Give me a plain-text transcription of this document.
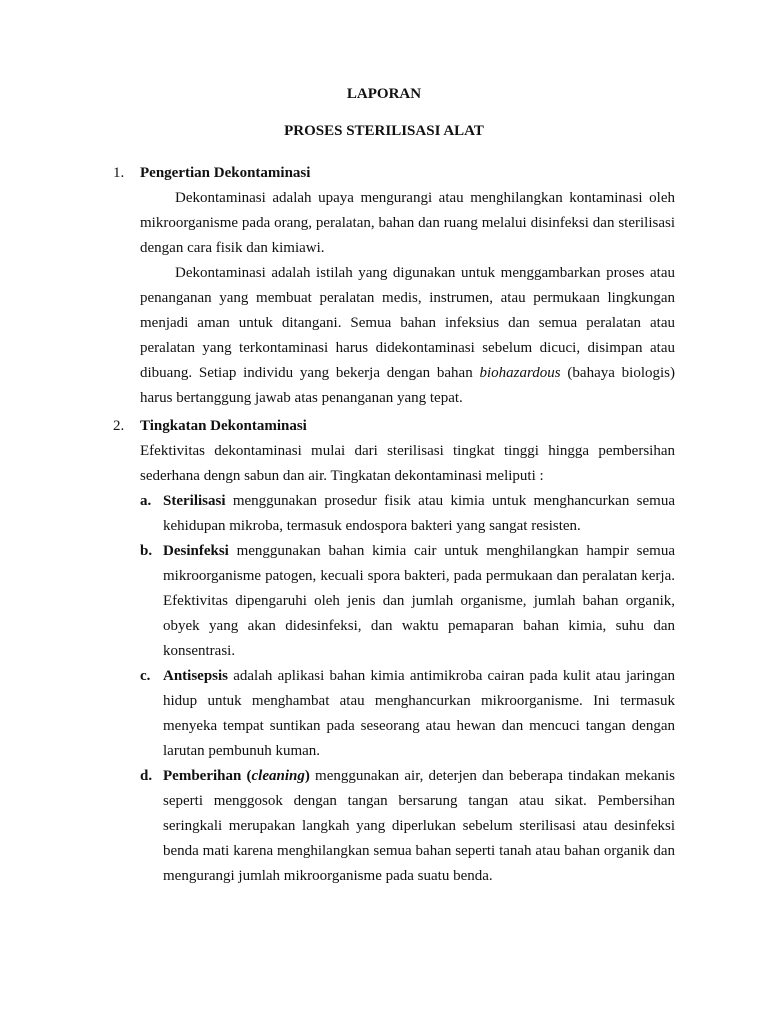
LAPORAN
PROSES STERILISASI ALAT
1.	Pengertian Dekontaminasi

Dekontaminasi adalah upaya mengurangi atau menghilangkan kontaminasi oleh mikroorganisme pada orang, peralatan, bahan dan ruang melalui disinfeksi dan sterilisasi dengan cara fisik dan kimiawi.

Dekontaminasi adalah istilah yang digunakan untuk menggambarkan proses atau penanganan yang membuat peralatan medis, instrumen, atau permukaan lingkungan menjadi aman untuk ditangani. Semua bahan infeksius dan semua peralatan atau peralatan yang terkontaminasi harus didekontaminasi sebelum dicuci, disimpan atau dibuang. Setiap individu yang bekerja dengan bahan biohazardous (bahaya biologis) harus bertanggung jawab atas penanganan yang tepat.

2.	Tingkatan Dekontaminasi

Efektivitas dekontaminasi mulai dari sterilisasi tingkat tinggi hingga pembersihan sederhana dengn sabun dan air. Tingkatan dekontaminasi meliputi :

a. Sterilisasi menggunakan prosedur fisik atau kimia untuk menghancurkan semua kehidupan mikroba, termasuk endospora bakteri yang sangat resisten.
b. Desinfeksi menggunakan bahan kimia cair untuk menghilangkan hampir semua mikroorganisme patogen, kecuali spora bakteri, pada permukaan dan peralatan kerja. Efektivitas dipengaruhi oleh jenis dan jumlah organisme, jumlah bahan organik, obyek yang akan didesinfeksi, dan waktu pemaparan bahan kimia, suhu dan konsentrasi.
c. Antisepsis adalah aplikasi bahan kimia antimikroba cairan pada kulit atau jaringan hidup untuk menghambat atau menghancurkan mikroorganisme. Ini termasuk menyeka tempat suntikan pada seseorang atau hewan dan mencuci tangan dengan larutan pembunuh kuman.
d. Pemberihan (cleaning) menggunakan air, deterjen dan beberapa tindakan mekanis seperti menggosok dengan tangan bersarung tangan atau sikat. Pembersihan seringkali merupakan langkah yang diperlukan sebelum sterilisasi atau desinfeksi benda mati karena menghilangkan semua bahan seperti tanah atau bahan organik dan mengurangi jumlah mikroorganisme pada suatu benda.
